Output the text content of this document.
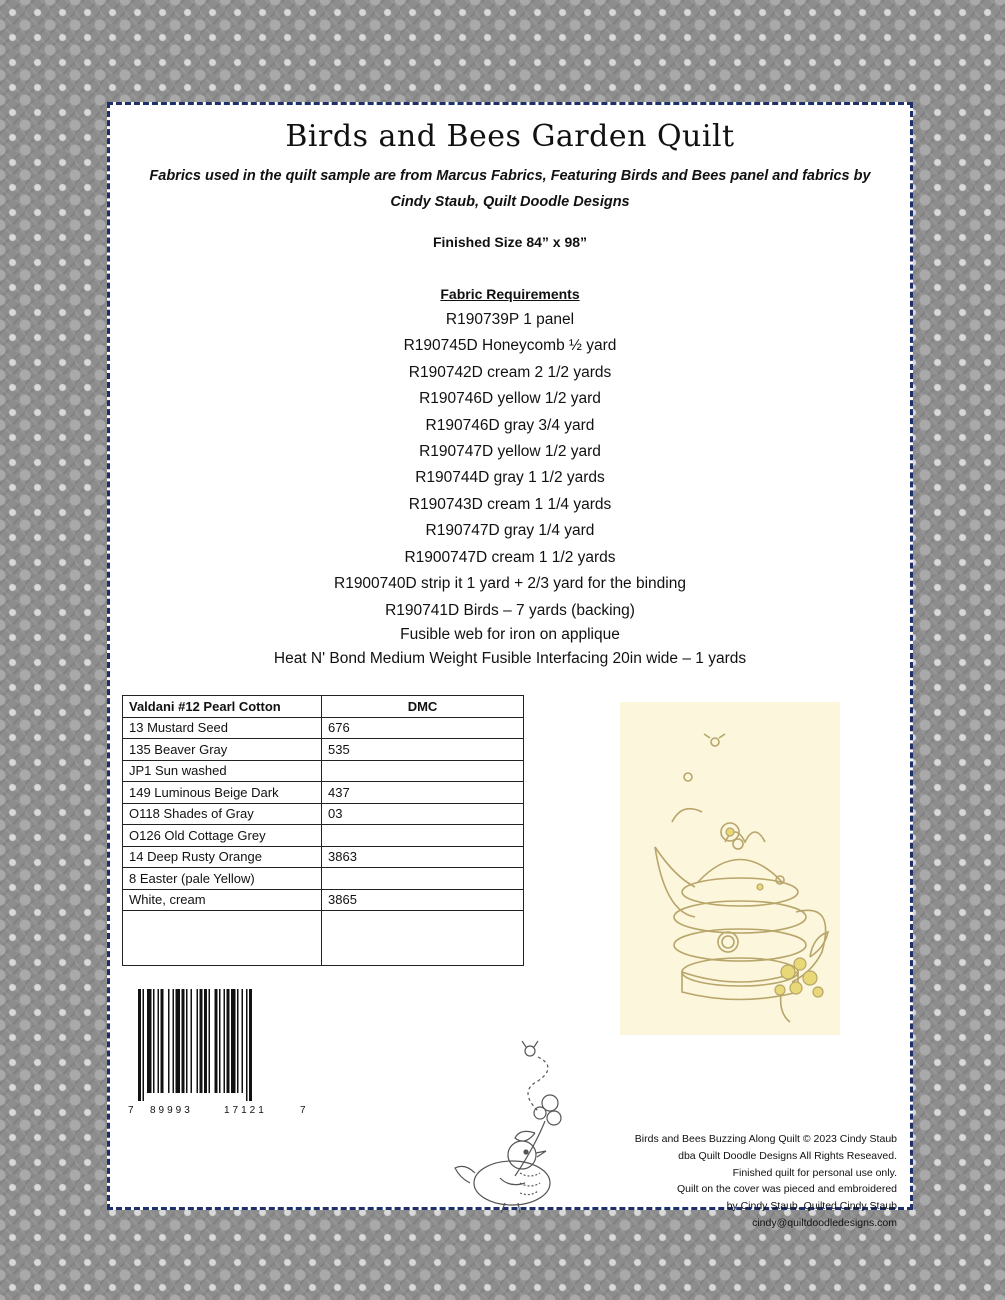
Birds and Bees Garden Quilt
Fabrics used in the quilt sample are from Marcus Fabrics, Featuring Birds and Bees panel and fabrics by Cindy Staub, Quilt Doodle Designs
Finished Size 84” x 98”
Fabric Requirements
R190739P 1 panel
R190745D Honeycomb ½ yard
R190742D cream 2 1/2 yards
R190746D yellow 1/2 yard
R190746D gray 3/4 yard
R190747D yellow 1/2 yard
R190744D gray 1 1/2 yards
R190743D cream 1 1/4 yards
R190747D gray 1/4 yard
R1900747D cream 1 1/2 yards
R1900740D strip it 1 yard + 2/3 yard for the binding
R190741D Birds – 7 yards (backing)
Fusible web for iron on applique
Heat N' Bond Medium Weight Fusible Interfacing 20in wide – 1 yards
Valdani #12 Pearl Cotton	DMC
13 Mustard Seed	676
135 Beaver Gray	535
JP1 Sun washed	
149 Luminous Beige Dark	437
O118 Shades of Gray	03
O126 Old Cottage Grey	
14 Deep Rusty Orange	3863
8 Easter (pale Yellow)	
White, cream	3865

7 89993	17121	7
Birds and Bees Buzzing Along Quilt © 2023 Cindy Staub
dba Quilt Doodle Designs All Rights Reseaved.
Finished quilt for personal use only.
Quilt on the cover was pieced and embroidered
by Cindy Staub. Quilted Cindy Staub
cindy@quiltdoodledesigns.com
